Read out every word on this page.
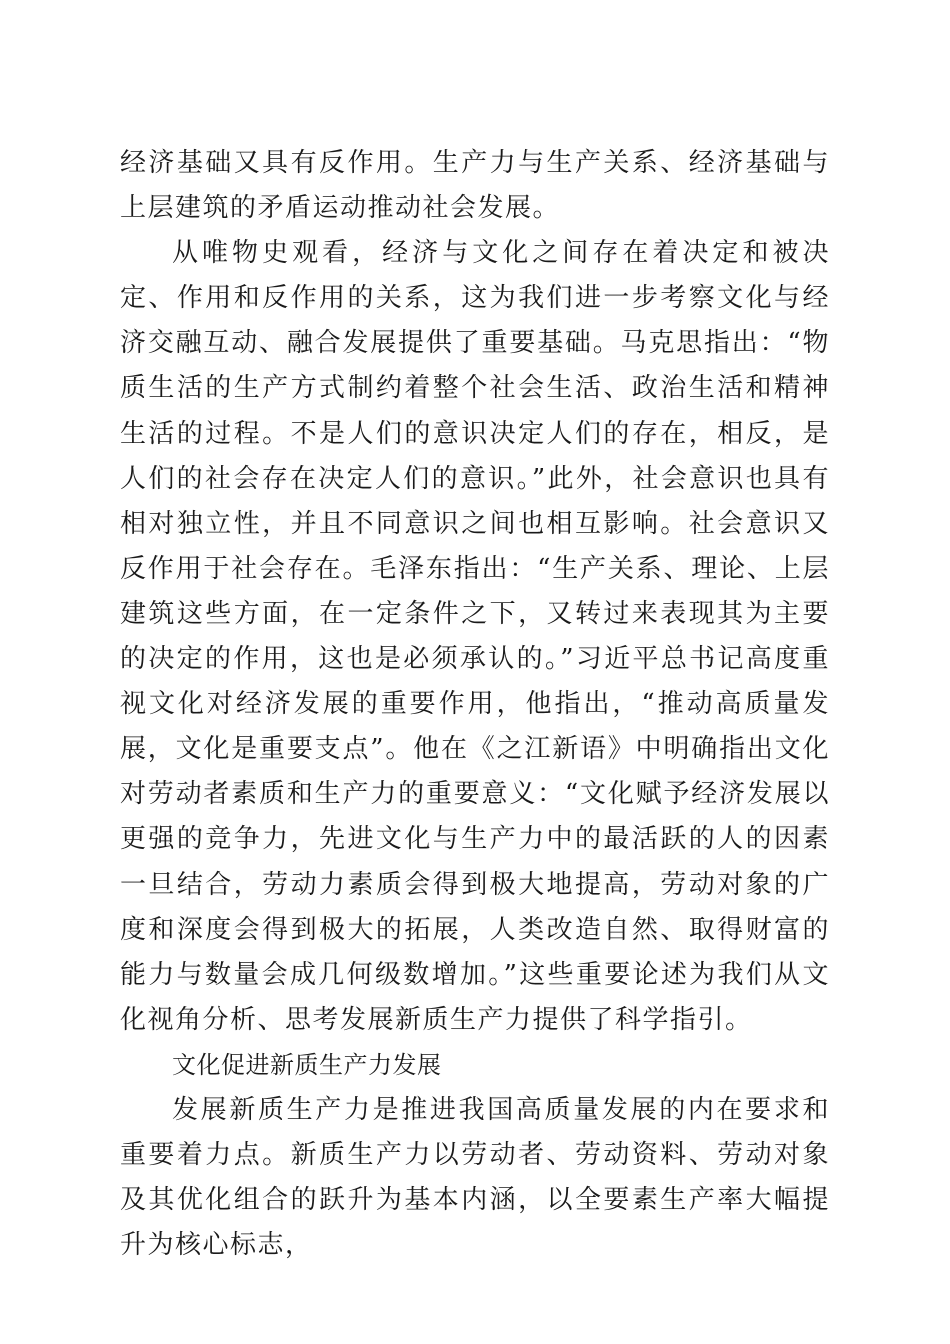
经济基础又具有反作用。生产力与生产关系、经济基础与上层建筑的矛盾运动推动社会发展。

从唯物史观看，经济与文化之间存在着决定和被决定、作用和反作用的关系，这为我们进一步考察文化与经济交融互动、融合发展提供了重要基础。马克思指出：“物质生活的生产方式制约着整个社会生活、政治生活和精神生活的过程。不是人们的意识决定人们的存在，相反，是人们的社会存在决定人们的意识。”此外，社会意识也具有相对独立性，并且不同意识之间也相互影响。社会意识又反作用于社会存在。毛泽东指出：“生产关系、理论、上层建筑这些方面，在一定条件之下，又转过来表现其为主要的决定的作用，这也是必须承认的。”习近平总书记高度重视文化对经济发展的重要作用，他指出，“推动高质量发展，文化是重要支点”。他在《之江新语》中明确指出文化对劳动者素质和生产力的重要意义：“文化赋予经济发展以更强的竞争力，先进文化与生产力中的最活跃的人的因素一旦结合，劳动力素质会得到极大地提高，劳动对象的广度和深度会得到极大的拓展，人类改造自然、取得财富的能力与数量会成几何级数增加。”这些重要论述为我们从文化视角分析、思考发展新质生产力提供了科学指引。

文化促进新质生产力发展

发展新质生产力是推进我国高质量发展的内在要求和重要着力点。新质生产力以劳动者、劳动资料、劳动对象及其优化组合的跃升为基本内涵，以全要素生产率大幅提升为核心标志，
